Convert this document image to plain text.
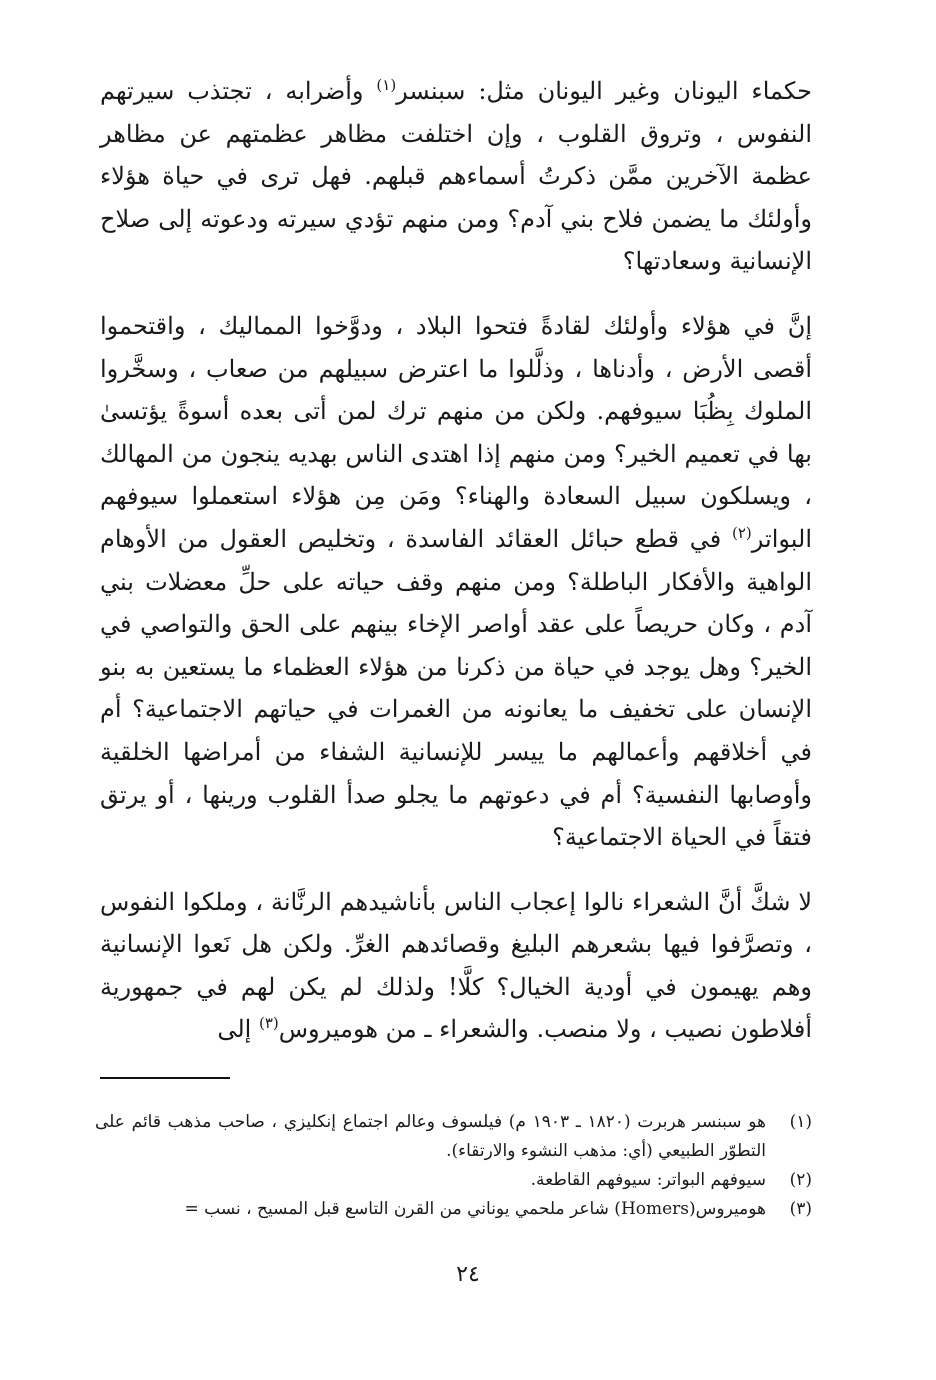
حكماء اليونان وغير اليونان مثل: سبنسر$^{(١)}$ وأضرابه ، تجتذب سيرتهم النفوس ، وتروق القلوب ، وإن اختلفت مظاهر عظمتهم عن مظاهر عظمة الآخرين ممَّن ذكرتُ أسماءهم قبلهم. فهل ترى في حياة هؤلاء وأولئك ما يضمن فلاح بني آدم؟ ومن منهم تؤدي سيرته ودعوته إلى صلاح الإنسانية وسعادتها؟

إنَّ في هؤلاء وأولئك لقادةً فتحوا البلاد ، ودوَّخوا المماليك ، واقتحموا أقصى الأرض ، وأدناها ، وذلَّلوا ما اعترض سبيلهم من صعاب ، وسخَّروا الملوك بِظُبَا سيوفهم. ولكن من منهم ترك لمن أتى بعده أسوةً يؤتسىٰ بها في تعميم الخير؟ ومن منهم إذا اهتدى الناس بهديه ينجون من المهالك ، ويسلكون سبيل السعادة والهناء؟ ومَن مِن هؤلاء استعملوا سيوفهم البواتر$^{(٢)}$ في قطع حبائل العقائد الفاسدة ، وتخليص العقول من الأوهام الواهية والأفكار الباطلة؟ ومن منهم وقف حياته على حلِّ معضلات بني آدم ، وكان حريصاً على عقد أواصر الإخاء بينهم على الحق والتواصي في الخير؟ وهل يوجد في حياة من ذكرنا من هؤلاء العظماء ما يستعين به بنو الإنسان على تخفيف ما يعانونه من الغمرات في حياتهم الاجتماعية؟ أم في أخلاقهم وأعمالهم ما ييسر للإنسانية الشفاء من أمراضها الخلقية وأوصابها النفسية؟ أم في دعوتهم ما يجلو صدأ القلوب ورينها ، أو يرتق فتقاً في الحياة الاجتماعية؟

لا شكَّ أنَّ الشعراء نالوا إعجاب الناس بأناشيدهم الرنَّانة ، وملكوا النفوس ، وتصرَّفوا فيها بشعرهم البليغ وقصائدهم الغرِّ. ولكن هل نَعوا الإنسانية وهم يهيمون في أودية الخيال؟ كلَّا! ولذلك لم يكن لهم في جمهورية أفلاطون نصيب ، ولا منصب. والشعراء ـ من هوميروس$^{(٣)}$ إلى

(١)
هو سبنسر هربرت (١٨٢٠ ـ ١٩٠٣ م) فيلسوف وعالم اجتماع إنكليزي ، صاحب مذهب قائم على التطوّر الطبيعي (أي: مذهب النشوء والارتقاء).
(٢)
سيوفهم البواتر: سيوفهم القاطعة.
(٣)
هوميروس(Homers) شاعر ملحمي يوناني من القرن التاسع قبل المسيح ، نسب =
٢٤
